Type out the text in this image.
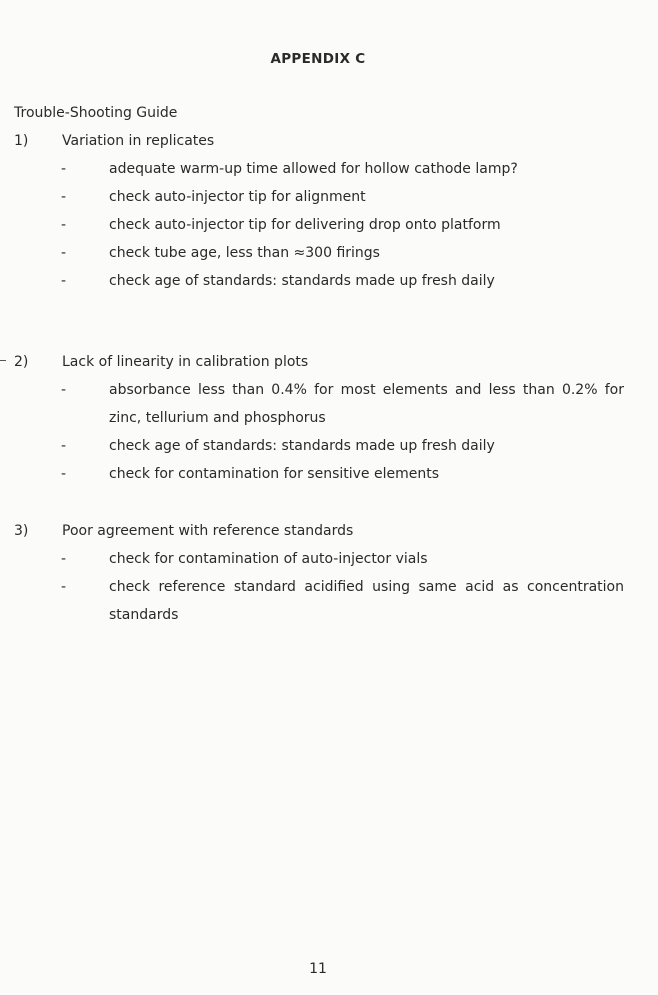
APPENDIX C
Trouble-Shooting Guide
1)	Variation in replicates
-	adequate warm-up time allowed for hollow cathode lamp?
-	check auto-injector tip for alignment
-	check auto-injector tip for delivering drop onto platform
-	check tube age, less than ≈300 firings
-	check age of standards: standards made up fresh daily
2)	Lack of linearity in calibration plots
-	absorbance less than 0.4% for most elements and less than 0.2% for zinc, tellurium and phosphorus
-	check age of standards: standards made up fresh daily
-	check for contamination for sensitive elements
3)	Poor agreement with reference standards
-	check for contamination of auto-injector vials
-	check reference standard acidified using same acid as concentration standards
11
